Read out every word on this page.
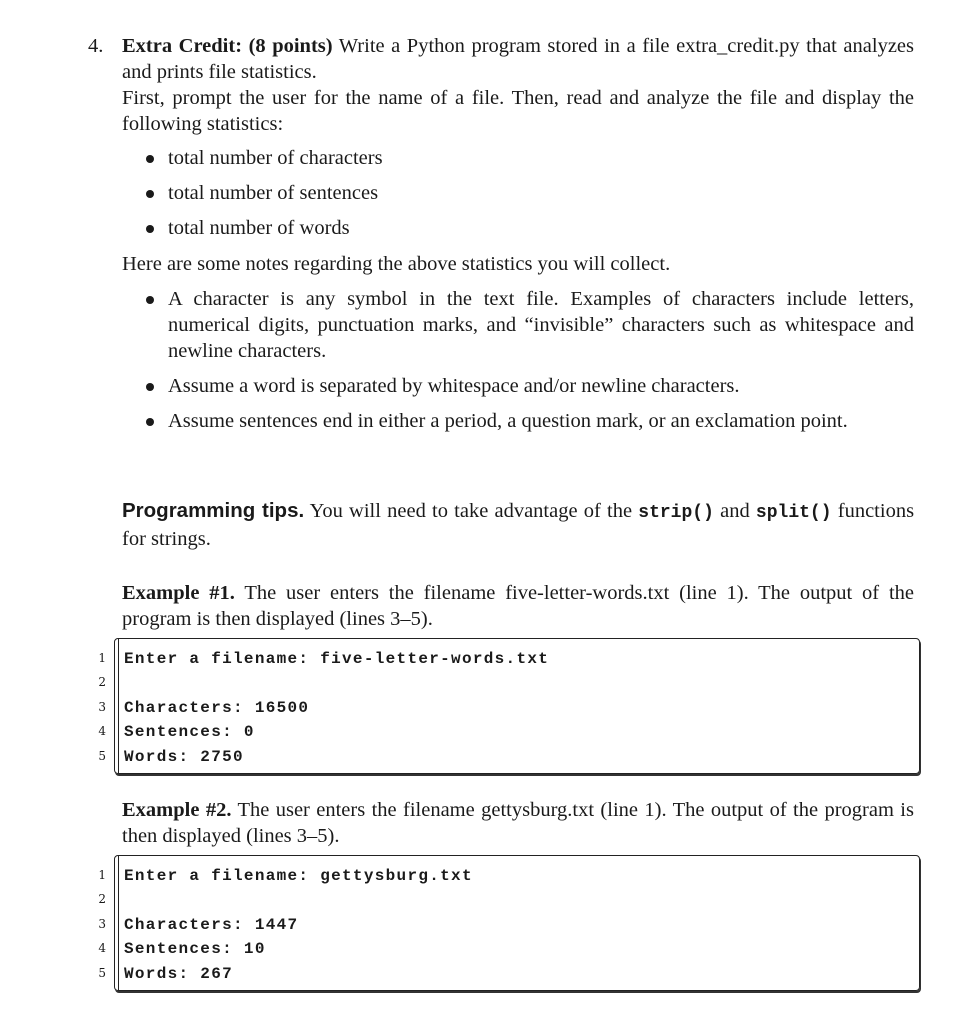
4. Extra Credit: (8 points) Write a Python program stored in a file extra_credit.py that analyzes and prints file statistics.
First, prompt the user for the name of a file. Then, read and analyze the file and display the following statistics:
total number of characters
total number of sentences
total number of words
Here are some notes regarding the above statistics you will collect.
A character is any symbol in the text file. Examples of characters include letters, numerical digits, punctuation marks, and “invisible” characters such as whitespace and newline characters.
Assume a word is separated by whitespace and/or newline characters.
Assume sentences end in either a period, a question mark, or an exclamation point.
Programming tips. You will need to take advantage of the strip() and split() functions for strings.
Example #1. The user enters the filename five-letter-words.txt (line 1). The output of the program is then displayed (lines 3–5).
1
2
3
4
5
Enter a filename: five-letter-words.txt
Characters: 16500
Sentences: 0
Words: 2750
Example #2. The user enters the filename gettysburg.txt (line 1). The output of the program is then displayed (lines 3–5).
1
2
3
4
5
Enter a filename: gettysburg.txt
Characters: 1447
Sentences: 10
Words: 267
